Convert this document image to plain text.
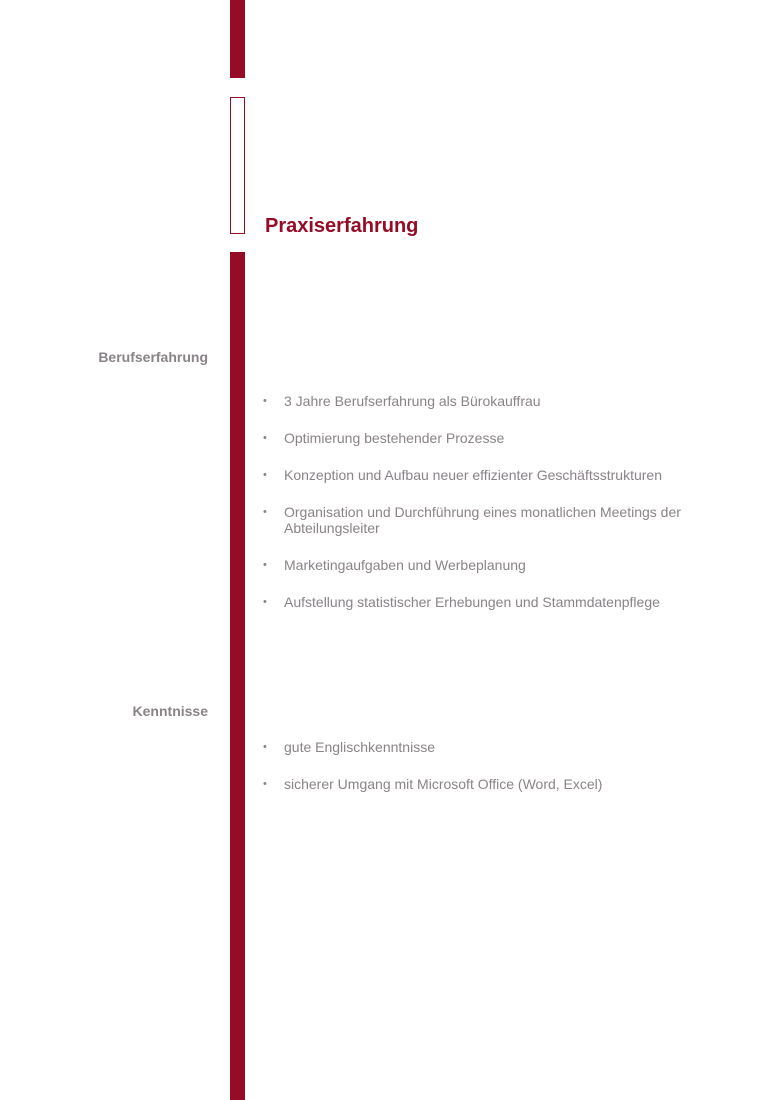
Praxiserfahrung
Berufserfahrung
• 3 Jahre Berufserfahrung als Bürokauffrau
• Optimierung bestehender Prozesse
• Konzeption und Aufbau neuer effizienter Geschäftsstrukturen
• Organisation und Durchführung eines monatlichen Meetings der Abteilungsleiter
• Marketingaufgaben und Werbeplanung
• Aufstellung statistischer Erhebungen und Stammdatenpflege
Kenntnisse
• gute Englischkenntnisse
• sicherer Umgang mit Microsoft Office (Word, Excel)
